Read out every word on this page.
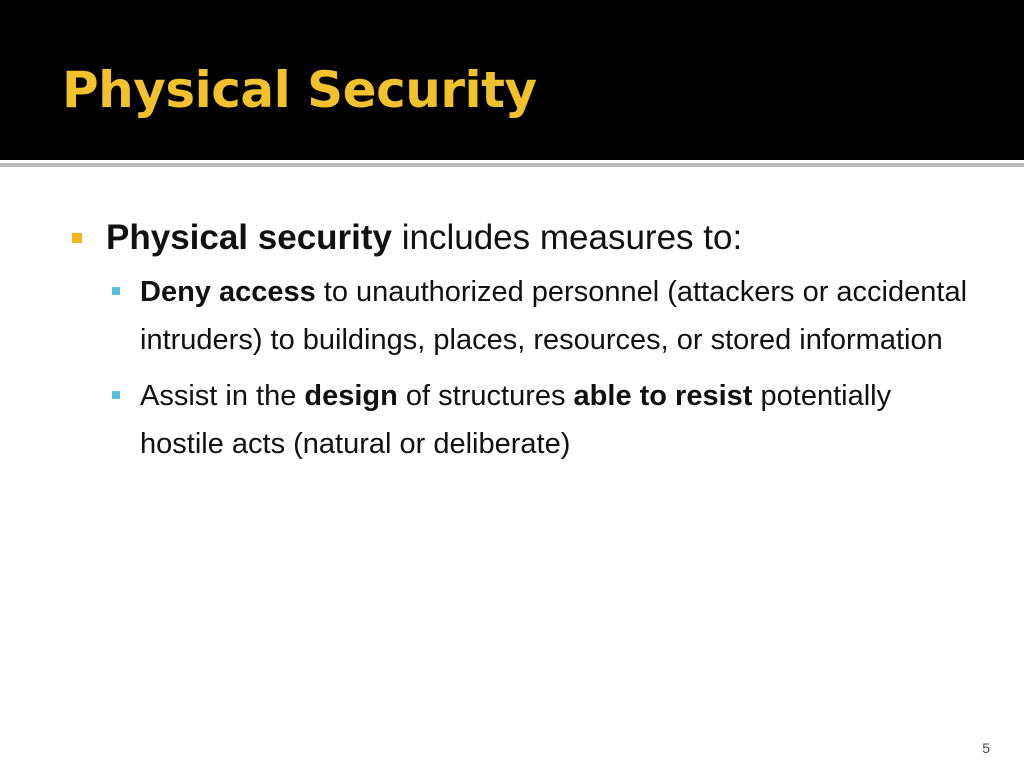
Physical Security

Physical security includes measures to:

Deny access to unauthorized personnel (attackers or accidental intruders) to buildings, places, resources, or stored information

Assist in the design of structures able to resist potentially hostile acts (natural or deliberate)

5
